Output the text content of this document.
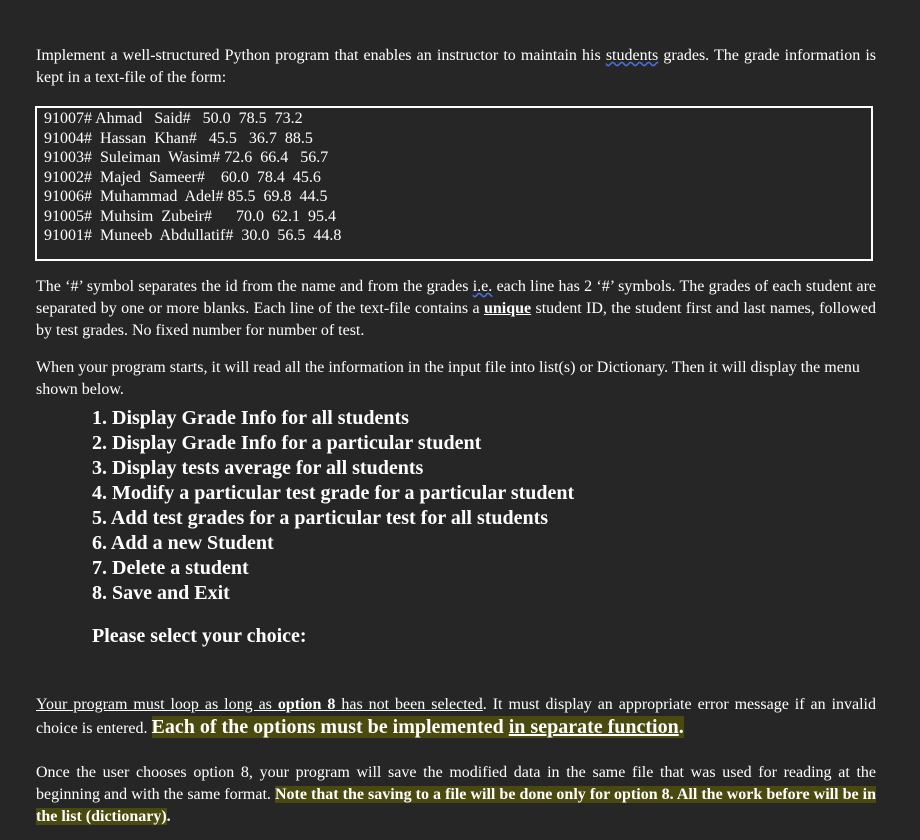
Implement a well-structured Python program that enables an instructor to maintain his students grades. The grade information is kept in a text-file of the form:

91007# Ahmad   Said#   50.0  78.5  73.2

91004#  Hassan  Khan#   45.5   36.7  88.5

91003#  Suleiman  Wasim# 72.6  66.4   56.7

91002#  Majed  Sameer#    60.0  78.4  45.6

91006#  Muhammad  Adel# 85.5  69.8  44.5

91005#  Muhsim  Zubeir#      70.0  62.1  95.4

91001#  Muneeb  Abdullatif#  30.0  56.5  44.8

The ‘#’ symbol separates the id from the name and from the grades i.e. each line has 2 ‘#’ symbols. The grades of each student are separated by one or more blanks. Each line of the text-file contains a unique student ID, the student first and last names, followed by test grades. No fixed number for number of test.

When your program starts, it will read all the information in the input file into list(s) or Dictionary. Then it will display the menu shown below.

1. Display Grade Info for all students
2. Display Grade Info for a particular student
3. Display tests average for all students
4. Modify a particular test grade for a particular student
5. Add test grades for a particular test for all students
6. Add a new Student
7. Delete a student
8. Save and Exit
Please select your choice:

Your program must loop as long as option 8 has not been selected. It must display an appropriate error message if an invalid choice is entered. Each of the options must be implemented in separate function.

Once the user chooses option 8, your program will save the modified data in the same file that was used for reading at the beginning and with the same format. Note that the saving to a file will be done only for option 8. All the work before will be in the list (dictionary).
